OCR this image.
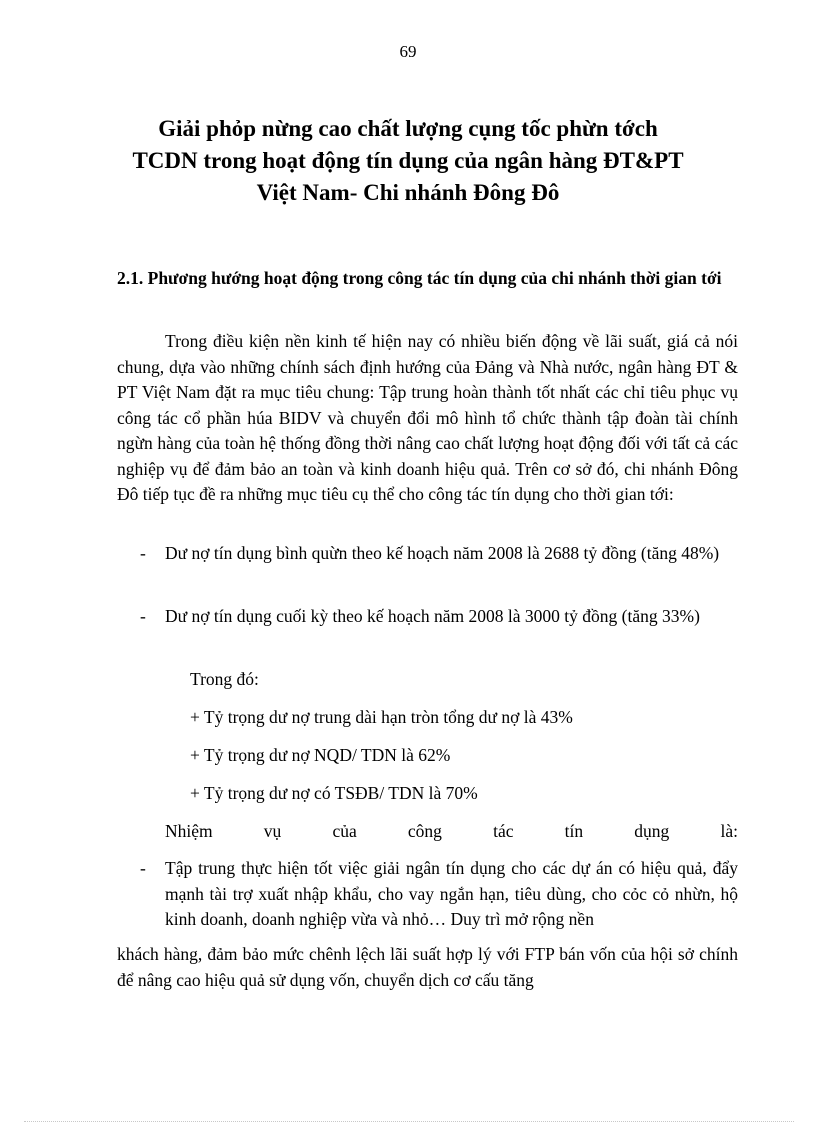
69
Giải phỏp nừng cao chất lượng cụng tốc phừn tớch
TCDN trong hoạt động tín dụng của ngân hàng ĐT&PT
Việt Nam- Chi nhánh Đông Đô
2.1. Phương hướng hoạt động trong công tác tín dụng của chi nhánh thời gian tới

Trong điều kiện nền kinh tế hiện nay có nhiều biến động về lãi suất, giá cả nói chung, dựa vào những chính sách định hướng của Đảng và Nhà nước, ngân hàng ĐT & PT Việt Nam đặt ra mục tiêu chung: Tập trung hoàn thành tốt nhất các chỉ tiêu phục vụ công tác cổ phần húa BIDV và chuyển đổi mô hình tổ chức thành tập đoàn tài chính ngừn hàng của toàn hệ thống đồng thời nâng cao chất lượng hoạt động đối với tất cả các nghiệp vụ để đảm bảo an toàn và kinh doanh hiệu quả. Trên cơ sở đó, chi nhánh Đông Đô tiếp tục đề ra những mục tiêu cụ thể cho công tác tín dụng cho thời gian tới:

-	Dư nợ tín dụng bình quừn theo kế hoạch năm 2008 là 2688 tỷ đồng (tăng 48%)
-	Dư nợ tín dụng cuối kỳ theo kế hoạch năm 2008 là 3000 tỷ đồng (tăng 33%)
Trong đó:
+ Tỷ trọng dư nợ trung dài hạn tròn tổng dư nợ là 43%
+ Tỷ trọng dư nợ NQD/ TDN là 62%
+ Tỷ trọng dư nợ có TSĐB/ TDN là 70%
Nhiệm	vụ	của	công	tác	tín	dụng	là:
-	Tập trung thực hiện tốt việc giải ngân tín dụng cho các dự án có hiệu quả, đẩy mạnh tài trợ xuất nhập khẩu, cho vay ngắn hạn, tiêu dùng, cho cỏc cỏ nhừn, hộ kinh doanh, doanh nghiệp vừa và nhỏ… Duy trì mở rộng nền

khách hàng, đảm bảo mức chênh lệch lãi suất hợp lý với FTP bán vốn của hội sở chính để nâng cao hiệu quả sử dụng vốn, chuyển dịch cơ cấu tăng
